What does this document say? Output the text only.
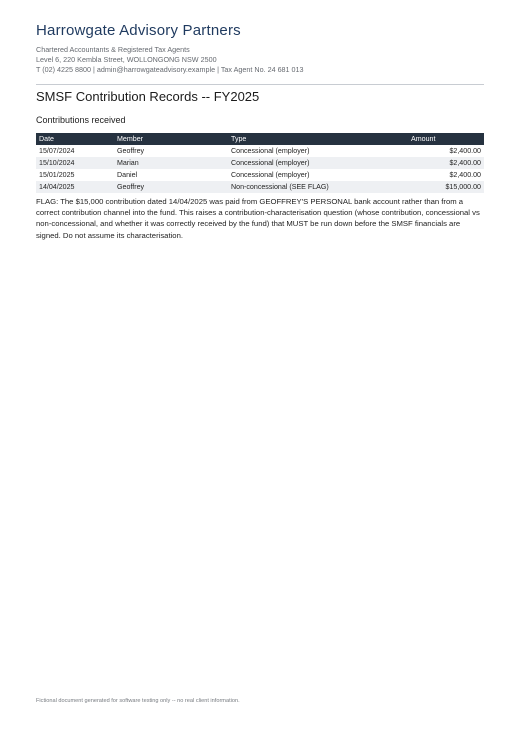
Harrowgate Advisory Partners
Chartered Accountants & Registered Tax Agents
Level 6, 220 Kembla Street, WOLLONGONG NSW 2500
T (02) 4225 8800 | admin@harrowgateadvisory.example | Tax Agent No. 24 681 013
SMSF Contribution Records -- FY2025
Contributions received
Date	Member	Type	Amount
15/07/2024	Geoffrey	Concessional (employer)	$2,400.00
15/10/2024	Marian	Concessional (employer)	$2,400.00
15/01/2025	Daniel	Concessional (employer)	$2,400.00
14/04/2025	Geoffrey	Non-concessional (SEE FLAG)	$15,000.00

FLAG: The $15,000 contribution dated 14/04/2025 was paid from GEOFFREY'S PERSONAL bank account rather than from a correct contribution channel into the fund. This raises a contribution-characterisation question (whose contribution, concessional vs non-concessional, and whether it was correctly received by the fund) that MUST be run down before the SMSF financials are signed. Do not assume its characterisation.

Fictional document generated for software testing only -- no real client information.
